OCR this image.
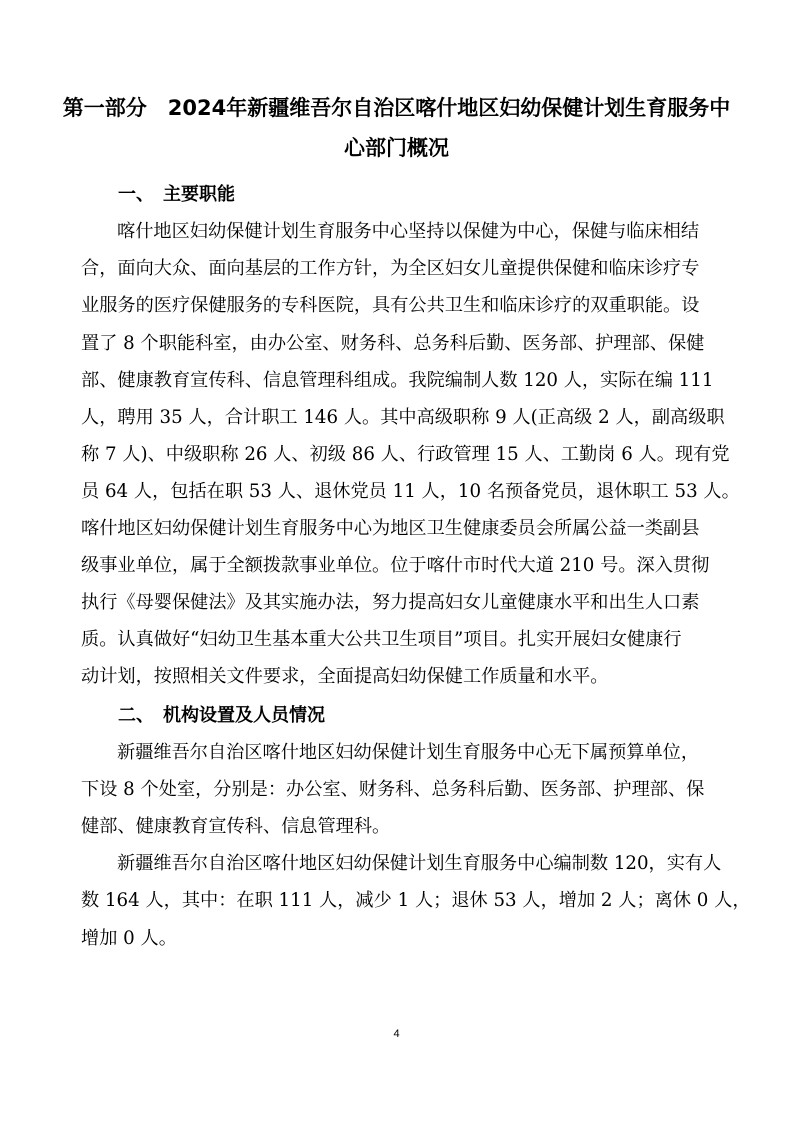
第一部分　2024年新疆维吾尔自治区喀什地区妇幼保健计划生育服务中
心部门概况
一、　主要职能

喀什地区妇幼保健计划生育服务中心坚持以保健为中心，保健与临床相结

合，面向大众、面向基层的工作方针，为全区妇女儿童提供保健和临床诊疗专

业服务的医疗保健服务的专科医院，具有公共卫生和临床诊疗的双重职能。设

置了 8 个职能科室，由办公室、财务科、总务科后勤、医务部、护理部、保健

部、健康教育宣传科、信息管理科组成。我院编制人数 120 人，实际在编 111

人，聘用 35 人，合计职工 146 人。其中高级职称 9 人(正高级 2 人，副高级职

称 7 人)、中级职称 26 人、初级 86 人、行政管理 15 人、工勤岗 6 人。现有党

员 64 人，包括在职 53 人、退休党员 11 人，10 名预备党员，退休职工 53 人。

喀什地区妇幼保健计划生育服务中心为地区卫生健康委员会所属公益一类副县

级事业单位，属于全额拨款事业单位。位于喀什市时代大道 210 号。深入贯彻

执行《母婴保健法》及其实施办法，努力提高妇女儿童健康水平和出生人口素

质。认真做好“妇幼卫生基本重大公共卫生项目”项目。扎实开展妇女健康行

动计划，按照相关文件要求，全面提高妇幼保健工作质量和水平。

二、　机构设置及人员情况

新疆维吾尔自治区喀什地区妇幼保健计划生育服务中心无下属预算单位，

下设 8 个处室，分别是：办公室、财务科、总务科后勤、医务部、护理部、保

健部、健康教育宣传科、信息管理科。

新疆维吾尔自治区喀什地区妇幼保健计划生育服务中心编制数 120，实有人

数 164 人，其中：在职 111 人，减少 1 人；退休 53 人，增加 2 人；离休 0 人，

增加 0 人。

4
